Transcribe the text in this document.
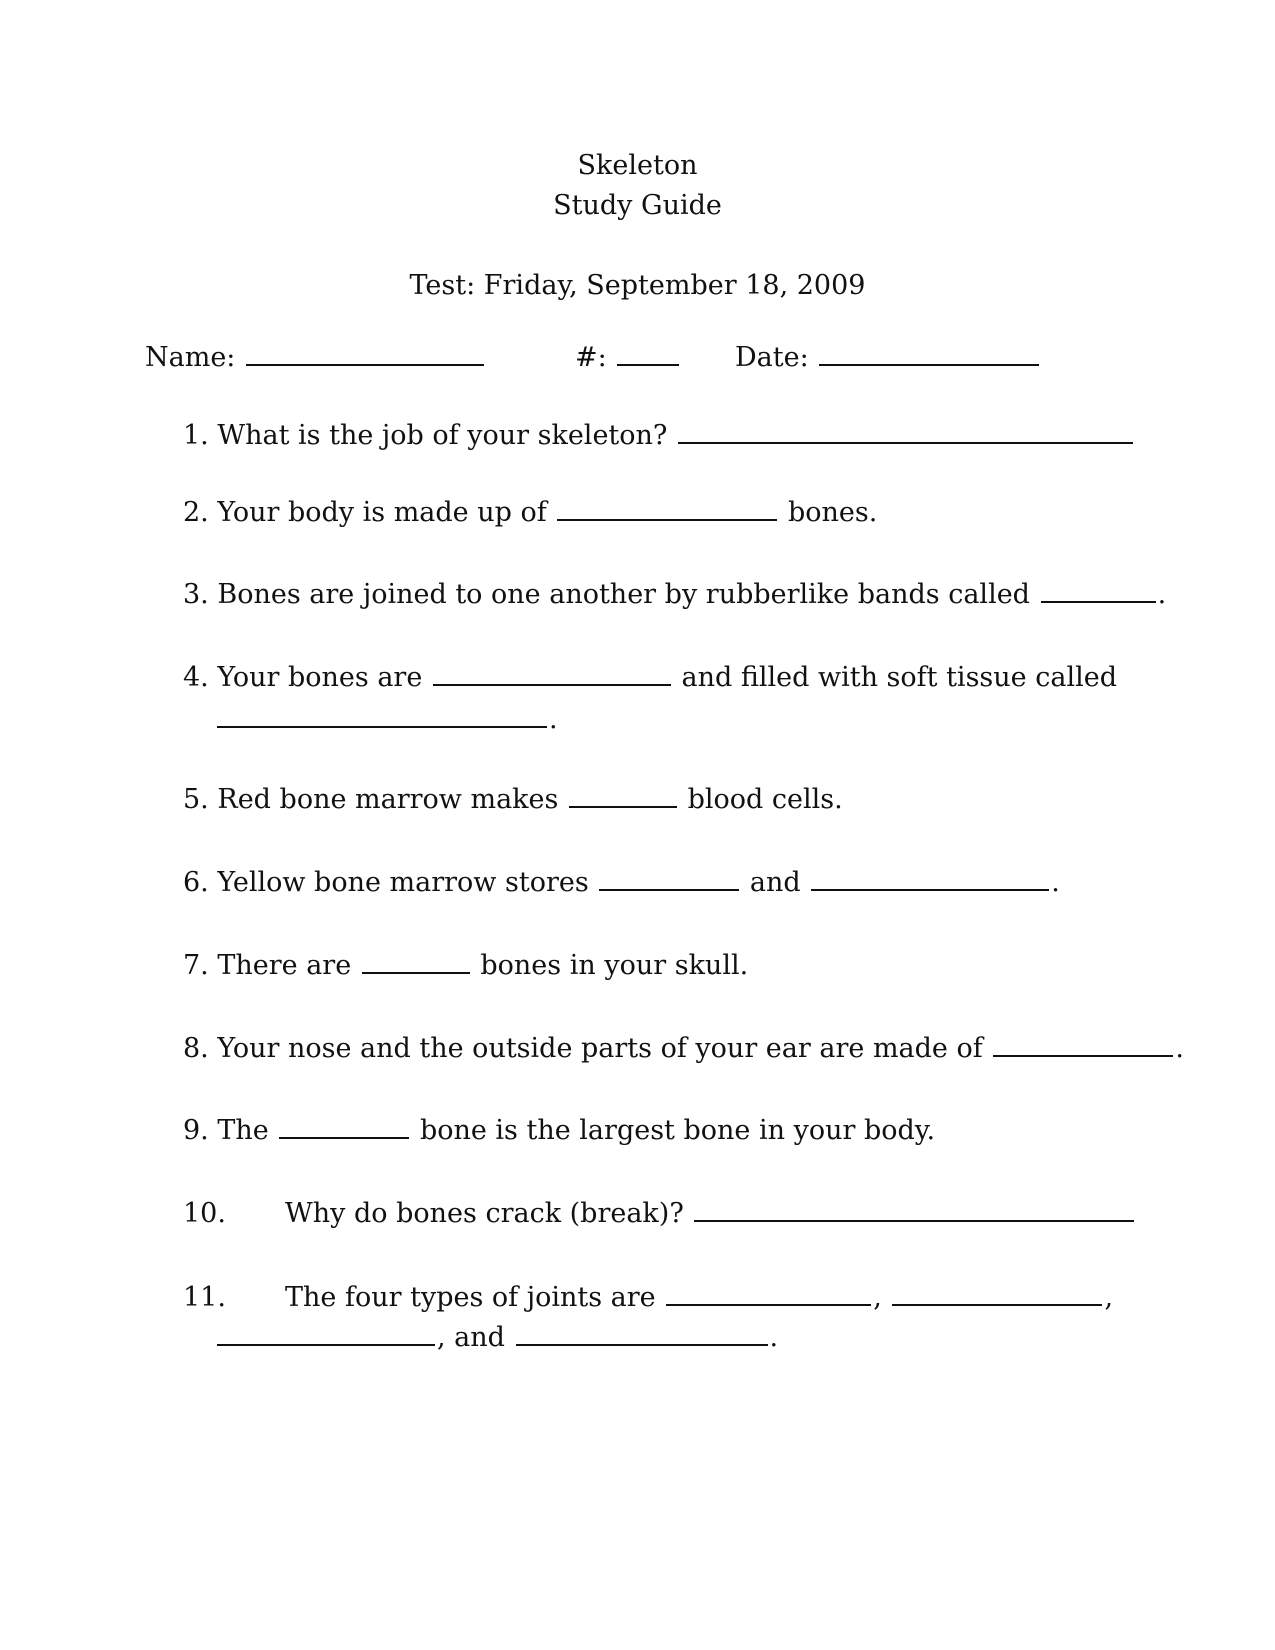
Skeleton
Study Guide
Test: Friday, September 18, 2009
Name:	#:	Date:
1. What is the job of your skeleton?
2. Your body is made up of	bones.
3. Bones are joined to one another by rubberlike bands called	.
4. Your bones are	and filled with soft tissue called
.
5. Red bone marrow makes	blood cells.
6. Yellow bone marrow stores	and	.
7. There are	bones in your skull.
8. Your nose and the outside parts of your ear are made of	.
9. The	bone is the largest bone in your body.
10. Why do bones crack (break)?
11. The four types of joints are	,	,
, and	.
